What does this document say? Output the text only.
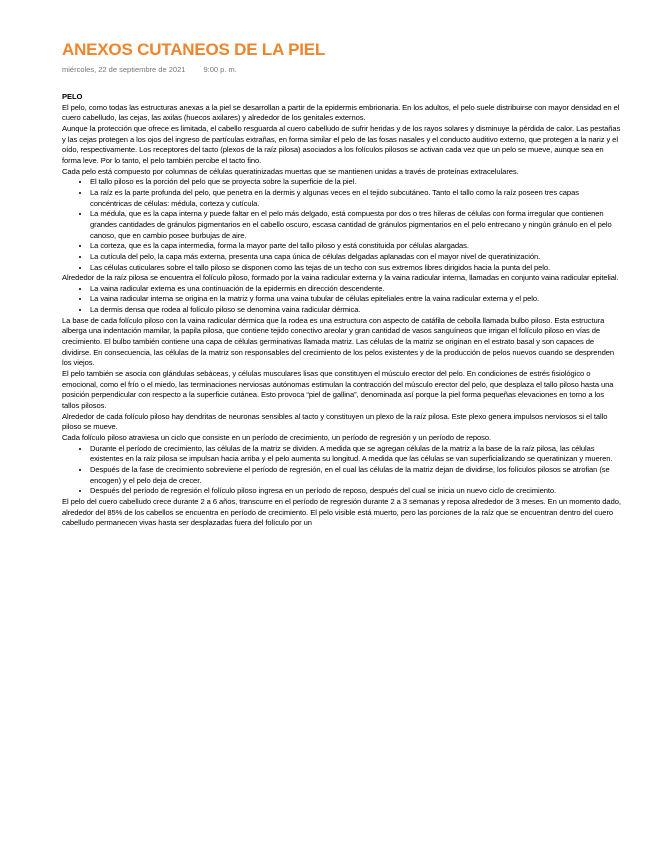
ANEXOS CUTANEOS DE LA PIEL
miércoles, 22 de septiembre de 2021 9:00 p. m.

PELO

El pelo, como todas las estructuras anexas a la piel se desarrollan a partir de la epidermis embrionaria. En los adultos, el pelo suele distribuirse con mayor densidad en el cuero cabelludo, las cejas, las axilas (huecos axilares) y alrededor de los genitales externos.

Aunque la protección que ofrece es limitada, el cabello resguarda al cuero cabelludo de sufrir heridas y de los rayos solares y disminuye la pérdida de calor. Las pestañas y las cejas protegen a los ojos del ingreso de partículas extrañas, en forma similar el pelo de las fosas nasales y el conducto auditivo externo, que protegen a la nariz y el oído, respectivamente. Los receptores del tacto (plexos de la raíz pilosa) asociados a los folículos pilosos se activan cada vez que un pelo se mueve, aunque sea en forma leve. Por lo tanto, el pelo también percibe el tacto fino.

Cada pelo está compuesto por columnas de células queratinizadas muertas que se mantienen unidas a través de proteínas extracelulares.

• El tallo piloso es la porción del pelo que se proyecta sobre la superficie de la piel.
• La raíz es la parte profunda del pelo, que penetra en la dermis y algunas veces en el tejido subcutáneo. Tanto el tallo como la raíz poseen tres capas concéntricas de células: médula, corteza y cutícula.
• La médula, que es la capa interna y puede faltar en el pelo más delgado, está compuesta por dos o tres hileras de células con forma irregular que contienen grandes cantidades de gránulos pigmentarios en el cabello oscuro, escasa cantidad de gránulos pigmentarios en el pelo entrecano y ningún gránulo en el pelo canoso, que en cambio posee burbujas de aire.
• La corteza, que es la capa intermedia, forma la mayor parte del tallo piloso y está constituida por células alargadas.
• La cutícula del pelo, la capa más externa, presenta una capa única de células delgadas aplanadas con el mayor nivel de queratinización.
• Las células cuticulares sobre el tallo piloso se disponen como las tejas de un techo con sus extremos libres dirigidos hacia la punta del pelo.

Alrededor de la raíz pilosa se encuentra el folículo piloso, formado por la vaina radicular externa y la vaina radicular interna, llamadas en conjunto vaina radicular epitelial.

• La vaina radicular externa es una continuación de la epidermis en dirección descendente.
• La vaina radicular interna se origina en la matriz y forma una vaina tubular de células epiteliales entre la vaina radicular externa y el pelo.
• La dermis densa que rodea al folículo piloso se denomina vaina radicular dérmica.

La base de cada folículo piloso con la vaina radicular dérmica que la rodea es una estructura con aspecto de catáfila de cebolla llamada bulbo piloso. Esta estructura alberga una indentación mamilar, la papila pilosa, que contiene tejido conectivo areolar y gran cantidad de vasos sanguíneos que irrigan el folículo piloso en vías de crecimiento. El bulbo también contiene una capa de células germinativas llamada matriz. Las células de la matriz se originan en el estrato basal y son capaces de dividirse. En consecuencia, las células de la matriz son responsables del crecimiento de los pelos existentes y de la producción de pelos nuevos cuando se desprenden los viejos.

El pelo también se asocia con glándulas sebáceas, y células musculares lisas que constituyen el músculo erector del pelo. En condiciones de estrés fisiológico o emocional, como el frío o el miedo, las terminaciones nerviosas autónomas estimulan la contracción del músculo erector del pelo, que desplaza el tallo piloso hasta una posición perpendicular con respecto a la superficie cutánea. Esto provoca “piel de gallina”, denominada así porque la piel forma pequeñas elevaciones en torno a los tallos pilosos.

Alrededor de cada folículo piloso hay dendritas de neuronas sensibles al tacto y constituyen un plexo de la raíz pilosa. Este plexo genera impulsos nerviosos si el tallo piloso se mueve.

Cada folículo piloso atraviesa un ciclo que consiste en un período de crecimiento, un período de regresión y un período de reposo.

• Durante el período de crecimiento, las células de la matriz se dividen. A medida que se agregan células de la matriz a la base de la raíz pilosa, las células existentes en la raíz pilosa se impulsan hacia arriba y el pelo aumenta su longitud. A medida que las células se van superficializando se queratinizan y mueren.
• Después de la fase de crecimiento sobreviene el período de regresión, en el cual las células de la matriz dejan de dividirse, los folículos pilosos se atrofian (se encogen) y el pelo deja de crecer.
• Después del período de regresión el folículo piloso ingresa en un período de reposo, después del cual se inicia un nuevo ciclo de crecimiento.

El pelo del cuero cabelludo crece durante 2 a 6 años, transcurre en el período de regresión durante 2 a 3 semanas y reposa alrededor de 3 meses. En un momento dado, alrededor del 85% de los cabellos se encuentra en período de crecimiento. El pelo visible está muerto, pero las porciones de la raíz que se encuentran dentro del cuero cabelludo permanecen vivas hasta ser desplazadas fuera del folículo por un
